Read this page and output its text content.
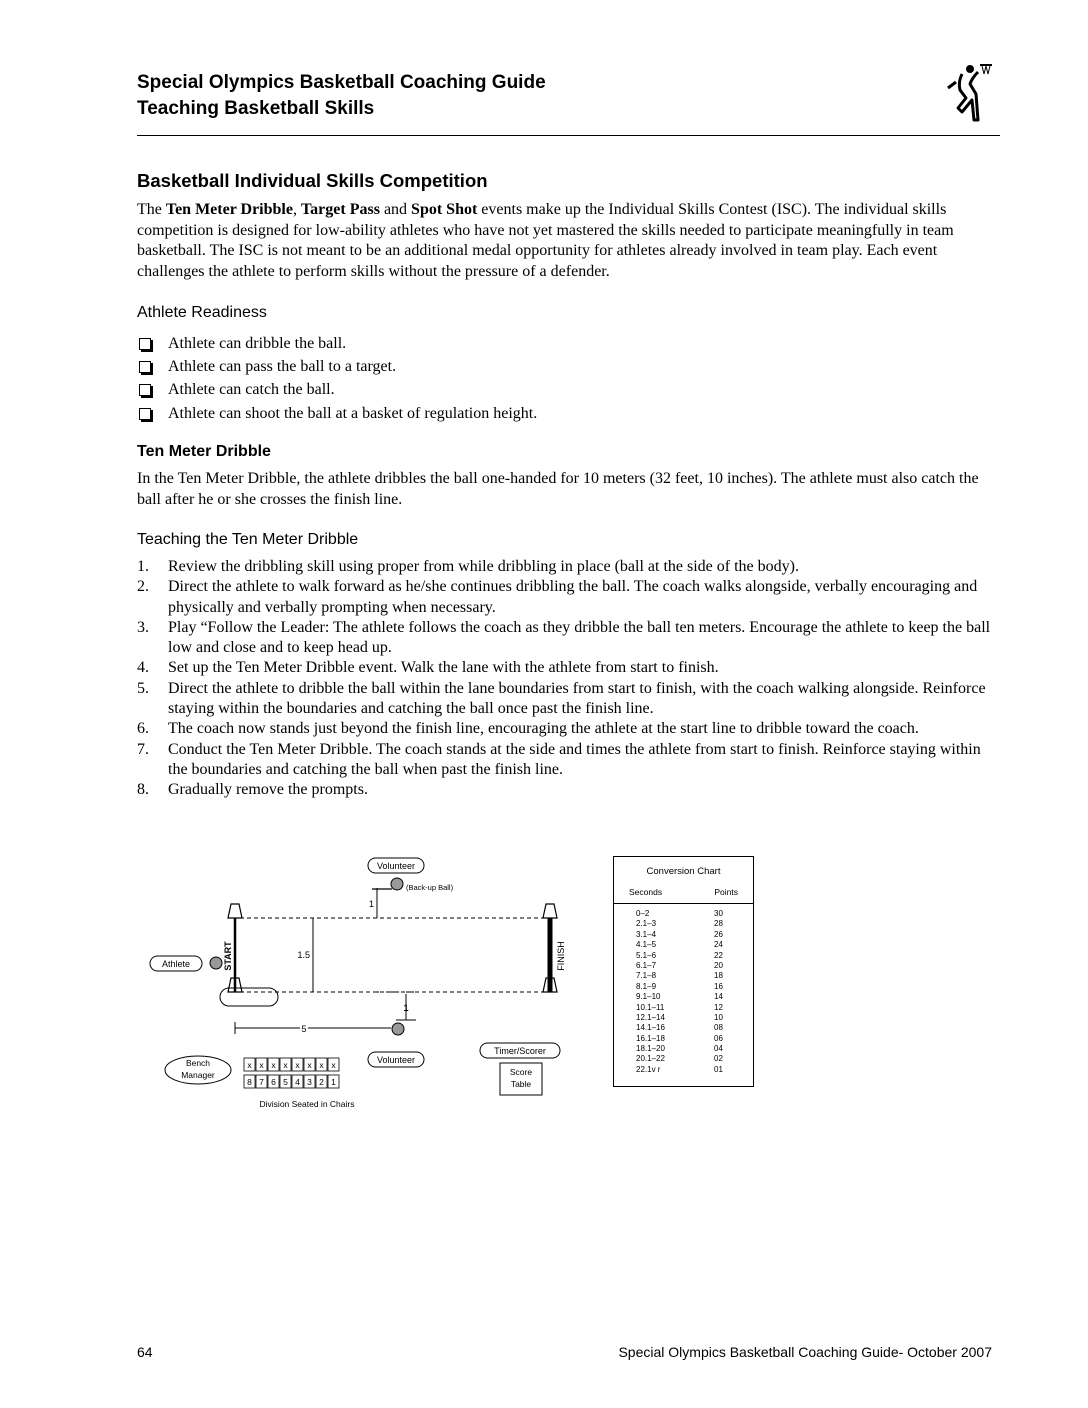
Special Olympics Basketball Coaching Guide
Teaching Basketball Skills
Basketball Individual Skills Competition
The Ten Meter Dribble, Target Pass and Spot Shot events make up the Individual Skills Contest (ISC). The individual skills competition is designed for low-ability athletes who have not yet mastered the skills needed to participate meaningfully in team basketball. The ISC is not meant to be an additional medal opportunity for athletes already involved in team play. Each event challenges the athlete to perform skills without the pressure of a defender.
Athlete Readiness
Athlete can dribble the ball.
Athlete can pass the ball to a target.
Athlete can catch the ball.
Athlete can shoot the ball at a basket of regulation height.
Ten Meter Dribble
In the Ten Meter Dribble, the athlete dribbles the ball one-handed for 10 meters (32 feet, 10 inches). The athlete must also catch the ball after he or she crosses the finish line.
Teaching the Ten Meter Dribble
1.	Review the dribbling skill using proper from while dribbling in place (ball at the side of the body).
2.	Direct the athlete to walk forward as he/she continues dribbling the ball. The coach walks alongside, verbally encouraging and physically and verbally prompting when necessary.
3.	Play “Follow the Leader: The athlete follows the coach as they dribble the ball ten meters. Encourage the athlete to keep the ball low and close and to keep head up.
4.	Set up the Ten Meter Dribble event. Walk the lane with the athlete from start to finish.
5.	Direct the athlete to dribble the ball within the lane boundaries from start to finish, with the coach walking alongside. Reinforce staying within the boundaries and catching the ball once past the finish line.
6.	The coach now stands just beyond the finish line, encouraging the athlete at the start line to dribble toward the coach.
7.	Conduct the Ten Meter Dribble. The coach stands at the side and times the athlete from start to finish. Reinforce staying within the boundaries and catching the ball when past the finish line.
8.	Gradually remove the prompts.
Volunteer
(Back-up Ball)
1
START	FINISH
1.5
Athlete
1
5
Bench
Manager
x x x x x x x x
8 7 6 5 4 3 2 1
Division Seated in Chairs
Volunteer
Timer/Scorer
Score
Table
Conversion Chart
Seconds	Points
0–2	30
2.1–3	28
3.1–4	26
4.1–5	24
5.1–6	22
6.1–7	20
7.1–8	18
8.1–9	16
9.1–10	14
10.1–11	12
12.1–14	10
14.1–16	08
16.1–18	06
18.1–20	04
20.1–22	02
22.1v r	01
64	Special Olympics Basketball Coaching Guide- October 2007
